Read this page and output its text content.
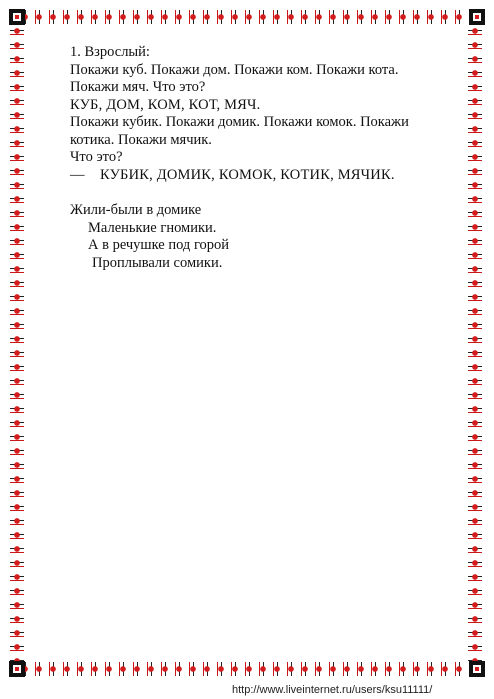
1. Взрослый:
Покажи куб. Покажи дом. Покажи ком. Покажи кота.
Покажи мяч. Что это?
КУБ, ДОМ, КОМ, КОТ, МЯЧ.
Покажи кубик. Покажи домик. Покажи комок. Покажи
котика. Покажи мячик.
Что это?
— КУБИК, ДОМИК, КОМОК, КОТИК, МЯЧИК.
Жили-были в домике
Маленькие гномики.
А в речушке под горой
Проплывали сомики.
http://www.liveinternet.ru/users/ksu11111/
